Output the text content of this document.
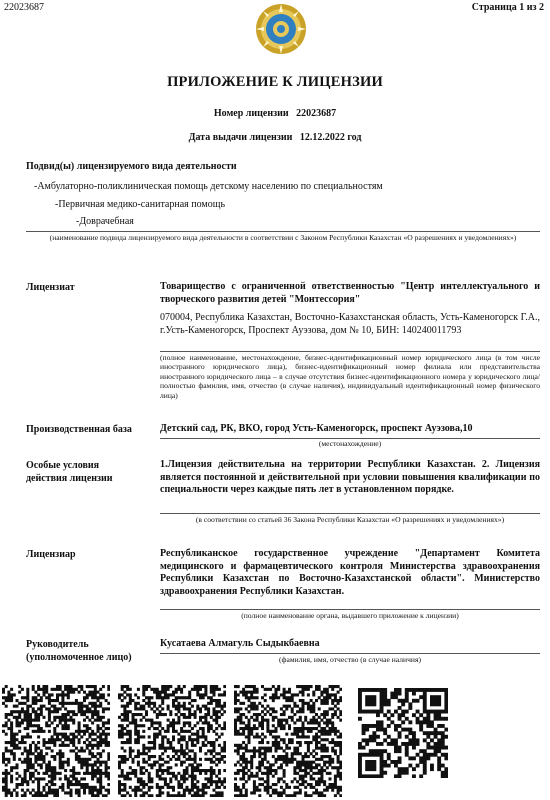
22023687	Страница 1 из 2
ПРИЛОЖЕНИЕ К ЛИЦЕНЗИИ
Номер лицензии 22023687
Дата выдачи лицензии 12.12.2022 год
Подвид(ы) лицензируемого вида деятельности
-Амбулаторно-поликлиническая помощь детскому населению по специальностям
-Первичная медико-санитарная помощь
-Доврачебная
(наименование подвида лицензируемого вида деятельности в соответствии с Законом Республики Казахстан «О разрешениях и уведомлениях»)
Лицензиат	Товарищество с ограниченной ответственностью "Центр интеллектуального и творческого развития детей "Монтессория"
070004, Республика Казахстан, Восточно-Казахстанская область, Усть-Каменогорск Г.А., г.Усть-Каменогорск, Проспект Ауэзова, дом № 10, БИН: 140240011793
(полное наименование, местонахождение, бизнес-идентификационный номер юридического лица (в том числе иностранного юридического лица), бизнес-идентификационный номер филиала или представительства иностранного юридического лица – в случае отсутствия бизнес-идентификационного номера у юридического лица/полностью фамилия, имя, отчество (в случае наличия), индивидуальный идентификационный номер физического лица)
Производственная база	Детский сад, РК, ВКО, город Усть-Каменогорск, проспект Ауэзова,10
(местонахождение)
Особые условия
действия лицензии
1.Лицензия действительна на территории Республики Казахстан. 2. Лицензия является постоянной и действительной при условии повышения квалификации по специальности через каждые пять лет в установленном порядке.
(в соответствии со статьей 36 Закона Республики Казахстан «О разрешениях и уведомлениях»)
Лицензиар	Республиканское государственное учреждение "Департамент Комитета медицинского и фармацевтического контроля Министерства здравоохранения Республики Казахстан по Восточно-Казахстанской области". Министерство здравоохранения Республики Казахстан.
(полное наименование органа, выдавшего приложение к лицензии)
Руководитель
(уполномоченное лицо)
Кусатаева Алмагуль Сыдыкбаевна
(фамилия, имя, отчество (в случае наличия)
